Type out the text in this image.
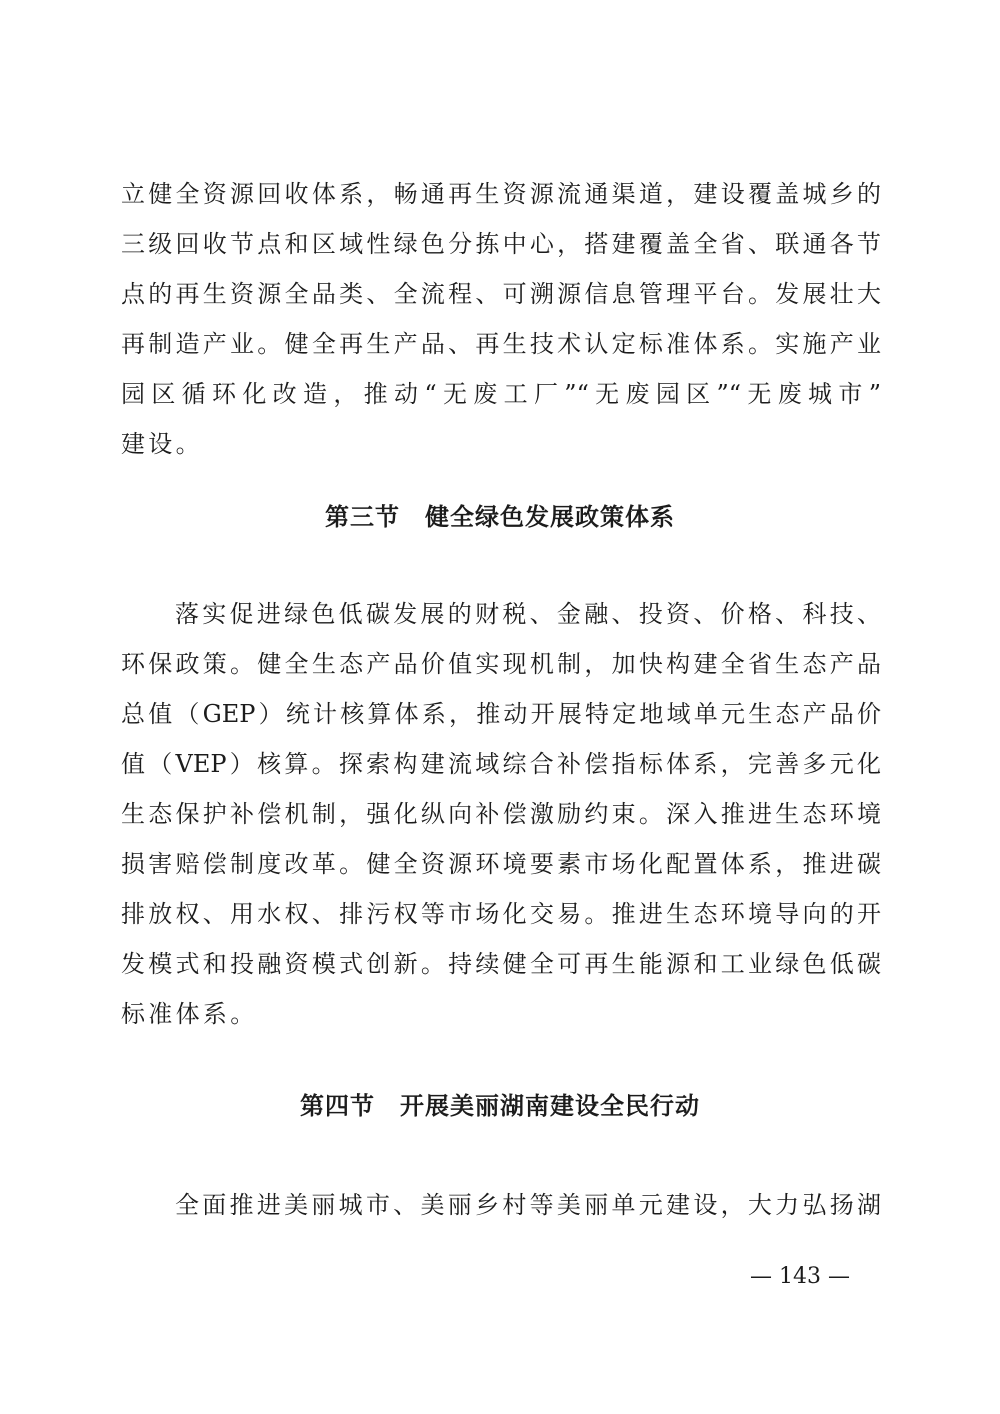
立健全资源回收体系，畅通再生资源流通渠道，建设覆盖城乡的
三级回收节点和区域性绿色分拣中心，搭建覆盖全省、联通各节
点的再生资源全品类、全流程、可溯源信息管理平台。发展壮大
再制造产业。健全再生产品、再生技术认定标准体系。实施产业
园区循环化改造，推动“无废工厂”“无废园区”“无废城市”
建设。
第三节　健全绿色发展政策体系
落实促进绿色低碳发展的财税、金融、投资、价格、科技、
环保政策。健全生态产品价值实现机制，加快构建全省生态产品
总值（GEP）统计核算体系，推动开展特定地域单元生态产品价
值（VEP）核算。探索构建流域综合补偿指标体系，完善多元化
生态保护补偿机制，强化纵向补偿激励约束。深入推进生态环境
损害赔偿制度改革。健全资源环境要素市场化配置体系，推进碳
排放权、用水权、排污权等市场化交易。推进生态环境导向的开
发模式和投融资模式创新。持续健全可再生能源和工业绿色低碳
标准体系。
第四节　开展美丽湖南建设全民行动
全面推进美丽城市、美丽乡村等美丽单元建设，大力弘扬湖
— 143 —
